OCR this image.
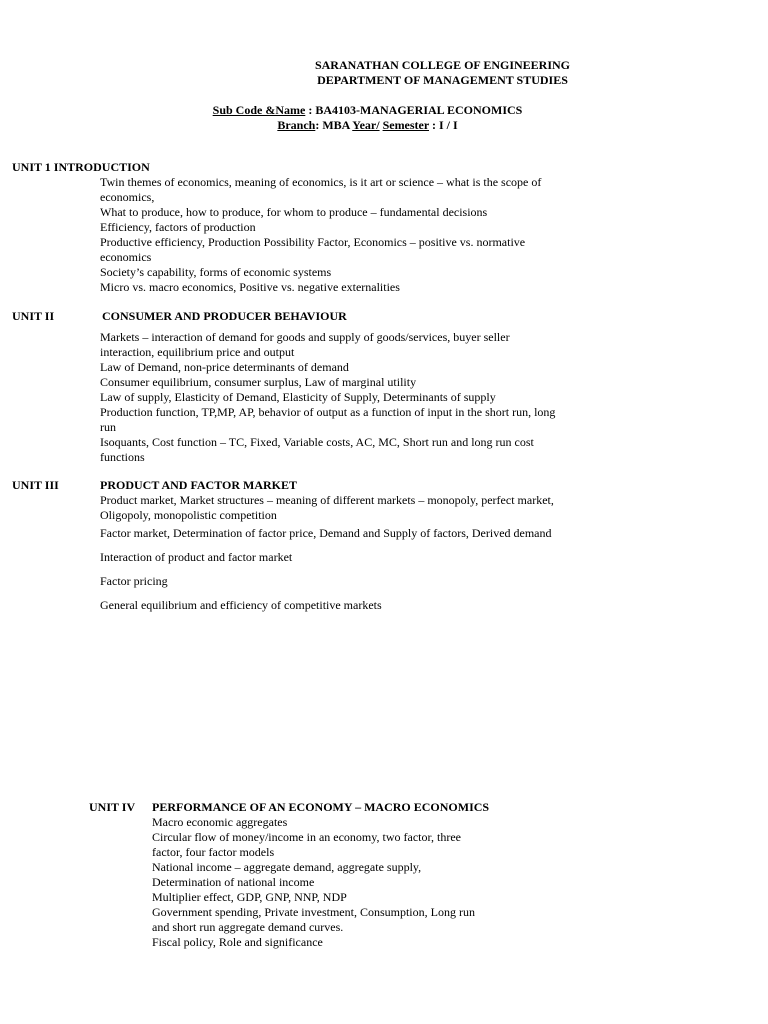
SARANATHAN COLLEGE OF ENGINEERING
DEPARTMENT OF MANAGEMENT STUDIES
Sub Code &Name : BA4103-MANAGERIAL ECONOMICS
Branch: MBA Year/ Semester : I / I
UNIT 1 INTRODUCTION
Twin themes of economics, meaning of economics, is it art or science – what is the scope of
economics,
What to produce, how to produce, for whom to produce – fundamental decisions
Efficiency, factors of production
Productive efficiency, Production Possibility Factor, Economics – positive vs. normative
economics
Society’s capability, forms of economic systems
Micro vs. macro economics, Positive vs. negative externalities
UNIT II	CONSUMER AND PRODUCER BEHAVIOUR
Markets – interaction of demand for goods and supply of goods/services, buyer seller
interaction, equilibrium price and output
Law of Demand, non-price determinants of demand
Consumer equilibrium, consumer surplus, Law of marginal utility
Law of supply, Elasticity of Demand, Elasticity of Supply, Determinants of supply
Production function, TP,MP, AP, behavior of output as a function of input in the short run, long
run
Isoquants, Cost function – TC, Fixed, Variable costs, AC, MC, Short run and long run cost
functions
UNIT III	PRODUCT AND FACTOR MARKET
Product market, Market structures – meaning of different markets – monopoly, perfect market,
Oligopoly, monopolistic competition
Factor market, Determination of factor price, Demand and Supply of factors, Derived demand
Interaction of product and factor market
Factor pricing
General equilibrium and efficiency of competitive markets
UNIT IV PERFORMANCE OF AN ECONOMY – MACRO ECONOMICS
Macro economic aggregates
Circular flow of money/income in an economy, two factor, three
factor, four factor models
National income – aggregate demand, aggregate supply,
Determination of national income
Multiplier effect, GDP, GNP, NNP, NDP
Government spending, Private investment, Consumption, Long run
and short run aggregate demand curves.
Fiscal policy, Role and significance
